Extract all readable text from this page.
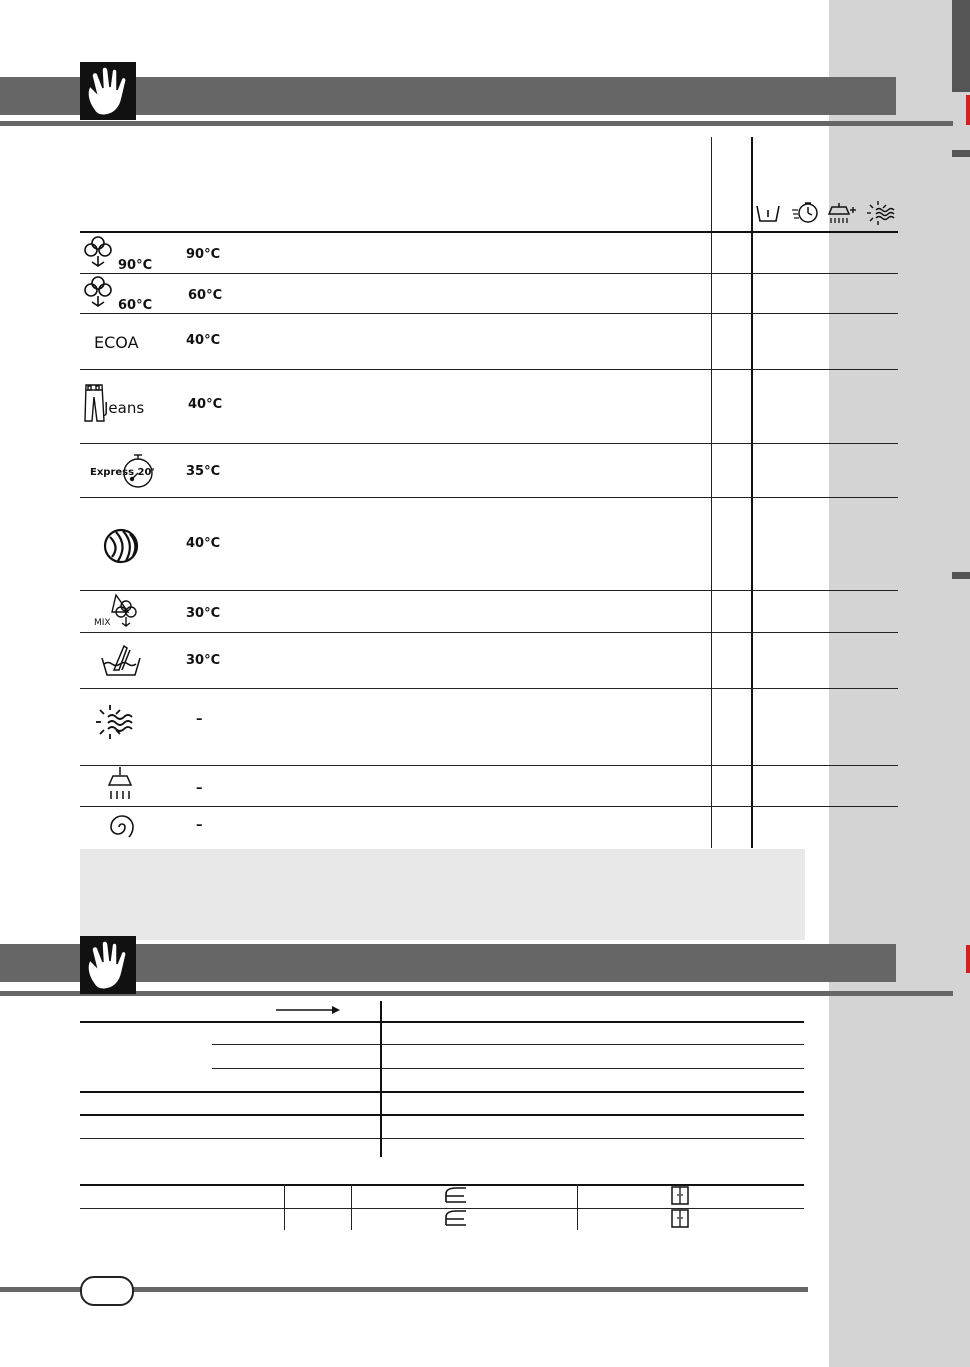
90°C
90°C
60°C
60°C
ECOA	40°C
Jeans	40°C
Express 20' 35°C
40°C
MIX
30°C
30°C
–
–
–
